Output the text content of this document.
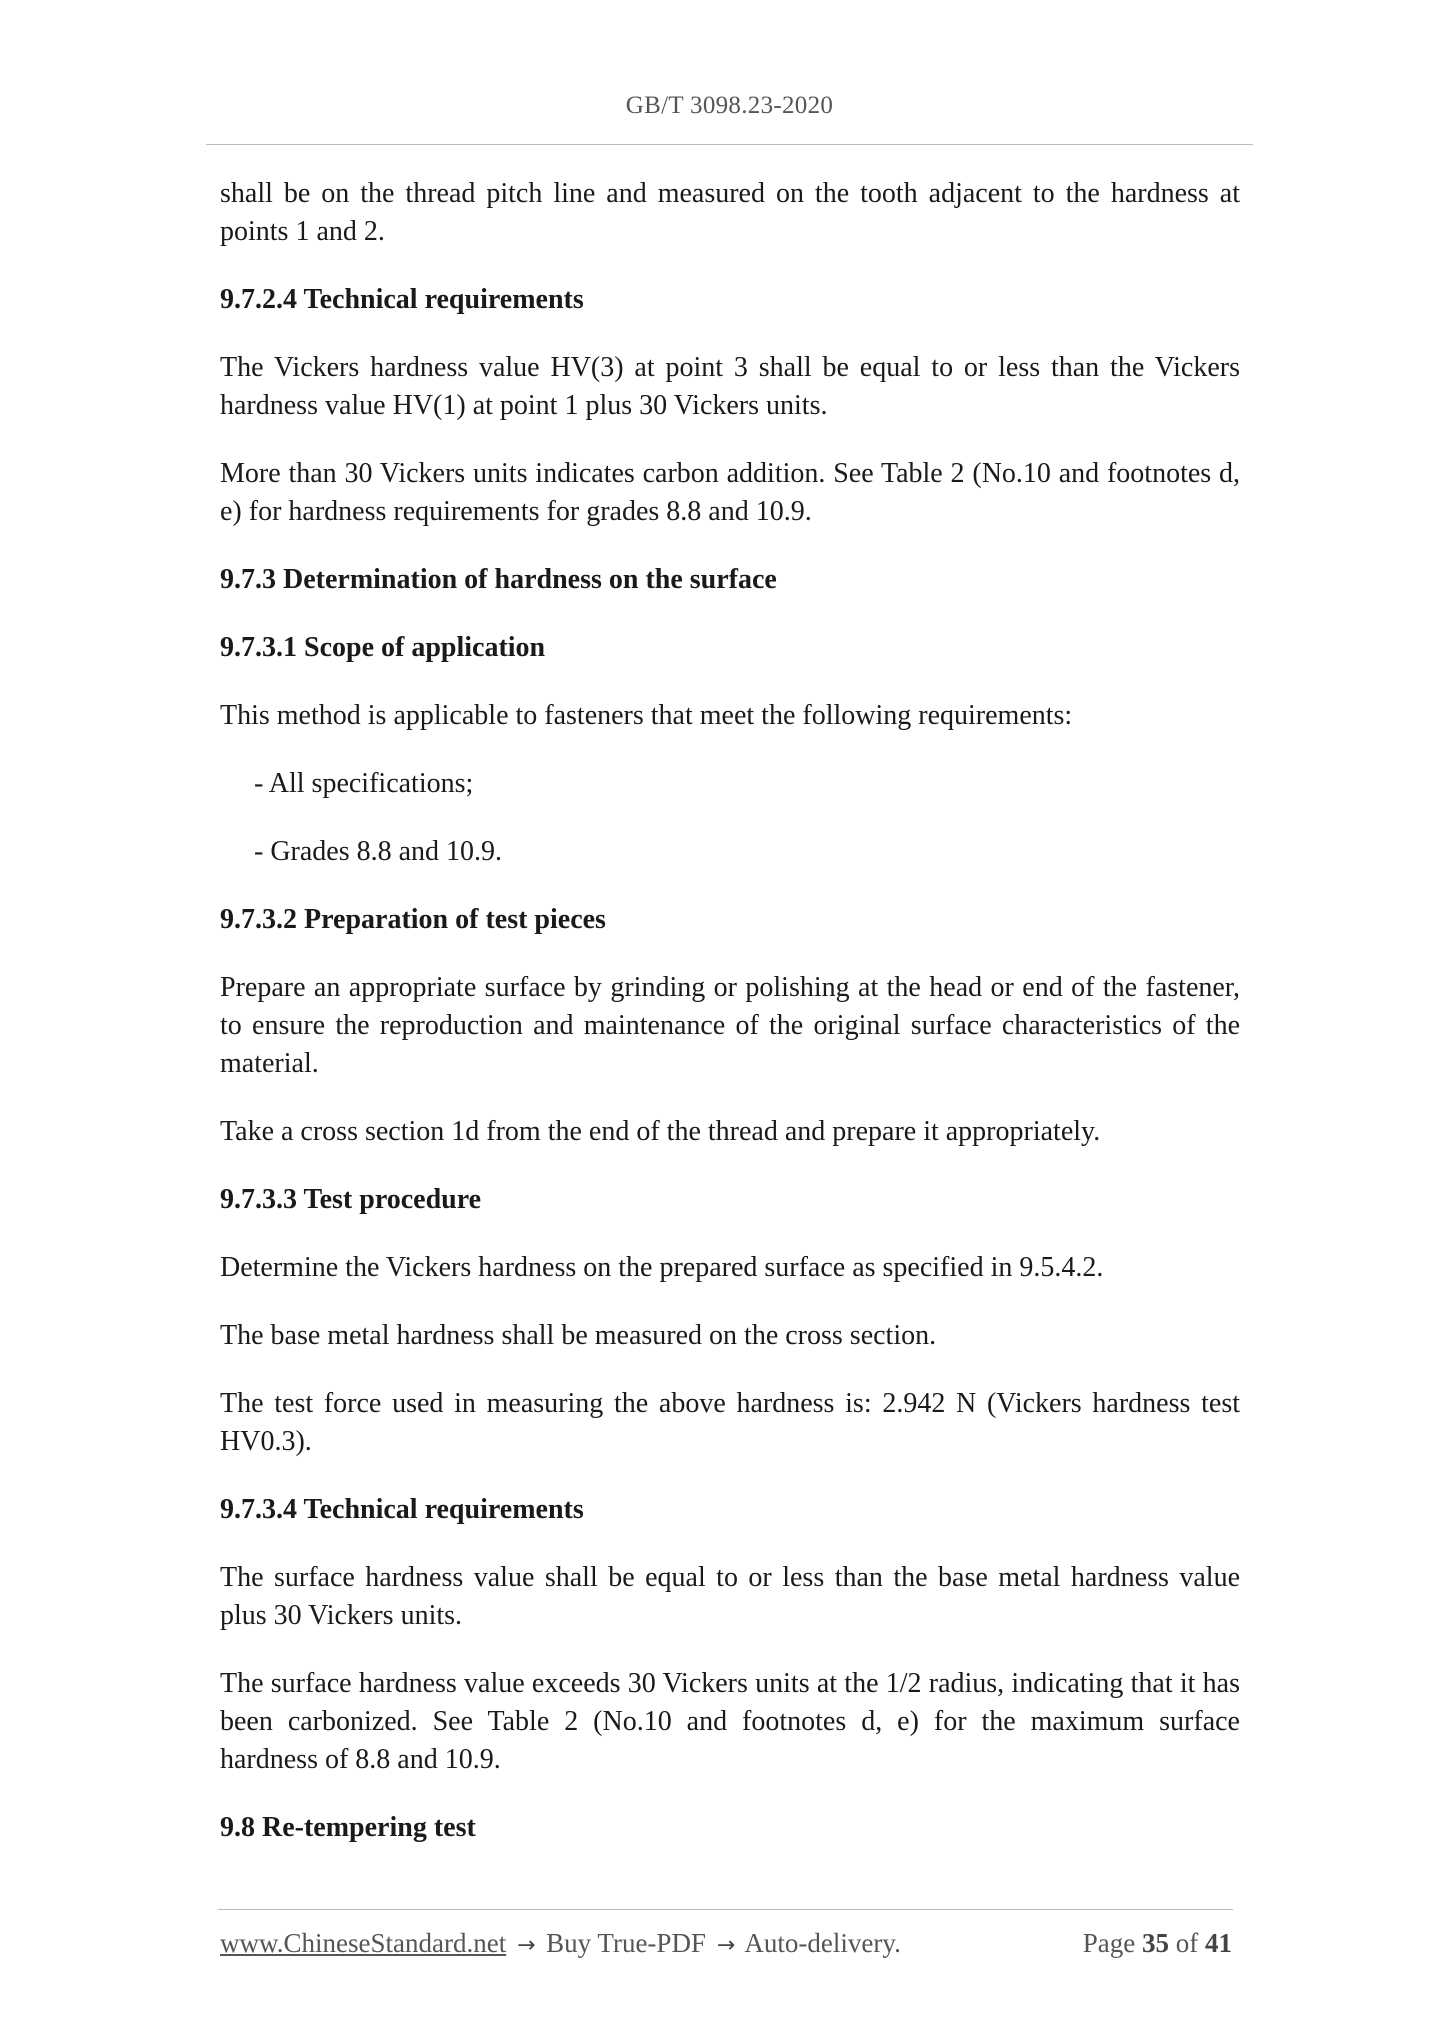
GB/T 3098.23-2020

shall be on the thread pitch line and measured on the tooth adjacent to the hardness at points 1 and 2.

9.7.2.4 Technical requirements

The Vickers hardness value HV(3) at point 3 shall be equal to or less than the Vickers hardness value HV(1) at point 1 plus 30 Vickers units.

More than 30 Vickers units indicates carbon addition. See Table 2 (No.10 and footnotes d, e) for hardness requirements for grades 8.8 and 10.9.

9.7.3 Determination of hardness on the surface

9.7.3.1 Scope of application

This method is applicable to fasteners that meet the following requirements:

- All specifications;

- Grades 8.8 and 10.9.

9.7.3.2 Preparation of test pieces

Prepare an appropriate surface by grinding or polishing at the head or end of the fastener, to ensure the reproduction and maintenance of the original surface characteristics of the material.

Take a cross section 1d from the end of the thread and prepare it appropriately.

9.7.3.3 Test procedure

Determine the Vickers hardness on the prepared surface as specified in 9.5.4.2.

The base metal hardness shall be measured on the cross section.

The test force used in measuring the above hardness is: 2.942 N (Vickers hardness test HV0.3).

9.7.3.4 Technical requirements

The surface hardness value shall be equal to or less than the base metal hardness value plus 30 Vickers units.

The surface hardness value exceeds 30 Vickers units at the 1/2 radius, indicating that it has been carbonized. See Table 2 (No.10 and footnotes d, e) for the maximum surface hardness of 8.8 and 10.9.

9.8 Re-tempering test

www.ChineseStandard.net → Buy True-PDF → Auto-delivery.	Page 35 of 41
